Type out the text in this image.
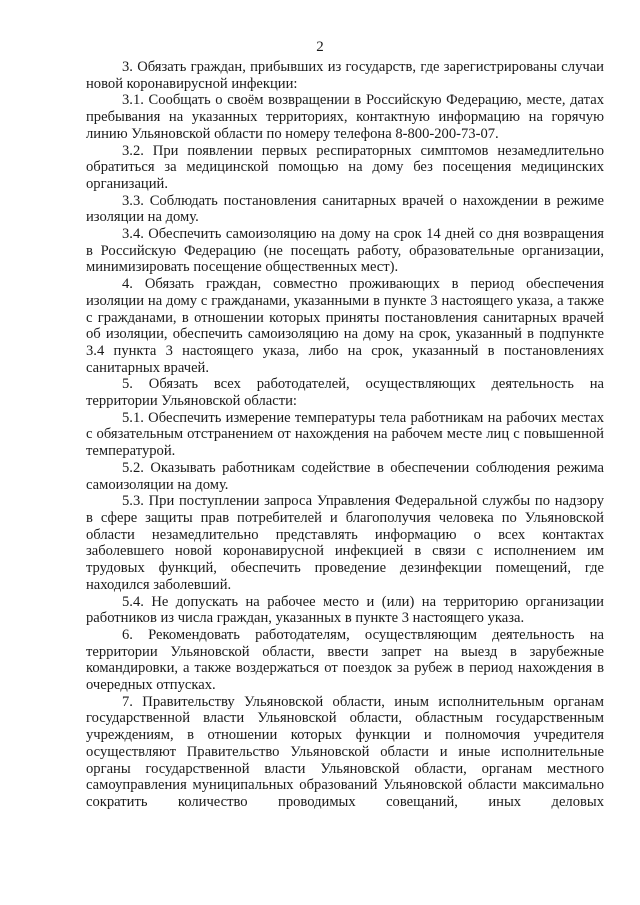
2

3. Обязать граждан, прибывших из государств, где зарегистрированы случаи новой коронавирусной инфекции:

3.1. Сообщать о своём возвращении в Российскую Федерацию, месте, датах пребывания на указанных территориях, контактную информацию на горячую линию Ульяновской области по номеру телефона 8-800-200-73-07.

3.2. При появлении первых респираторных симптомов незамедлительно обратиться за медицинской помощью на дому без посещения медицинских организаций.

3.3. Соблюдать постановления санитарных врачей о нахождении в режиме изоляции на дому.

3.4. Обеспечить самоизоляцию на дому на срок 14 дней со дня возвращения в Российскую Федерацию (не посещать работу, образовательные организации, минимизировать посещение общественных мест).

4. Обязать граждан, совместно проживающих в период обеспечения изоляции на дому с гражданами, указанными в пункте 3 настоящего указа, а также с гражданами, в отношении которых приняты постановления санитарных врачей об изоляции, обеспечить самоизоляцию на дому на срок, указанный в подпункте 3.4 пункта 3 настоящего указа, либо на срок, указанный в постановлениях санитарных врачей.

5. Обязать всех работодателей, осуществляющих деятельность на территории Ульяновской области:

5.1. Обеспечить измерение температуры тела работникам на рабочих местах с обязательным отстранением от нахождения на рабочем месте лиц с повышенной температурой.

5.2. Оказывать работникам содействие в обеспечении соблюдения режима самоизоляции на дому.

5.3. При поступлении запроса Управления Федеральной службы по надзору в сфере защиты прав потребителей и благополучия человека по Ульяновской области незамедлительно представлять информацию о всех контактах заболевшего новой коронавирусной инфекцией в связи с исполнением им трудовых функций, обеспечить проведение дезинфекции помещений, где находился заболевший.

5.4. Не допускать на рабочее место и (или) на территорию организации работников из числа граждан, указанных в пункте 3 настоящего указа.

6. Рекомендовать работодателям, осуществляющим деятельность на территории Ульяновской области, ввести запрет на выезд в зарубежные командировки, а также воздержаться от поездок за рубеж в период нахождения в очередных отпусках.

7. Правительству Ульяновской области, иным исполнительным органам государственной власти Ульяновской области, областным государственным учреждениям, в отношении которых функции и полномочия учредителя осуществляют Правительство Ульяновской области и иные исполнительные органы государственной власти Ульяновской области, органам местного самоуправления муниципальных образований Ульяновской области максимально сократить количество проводимых совещаний, иных деловых
